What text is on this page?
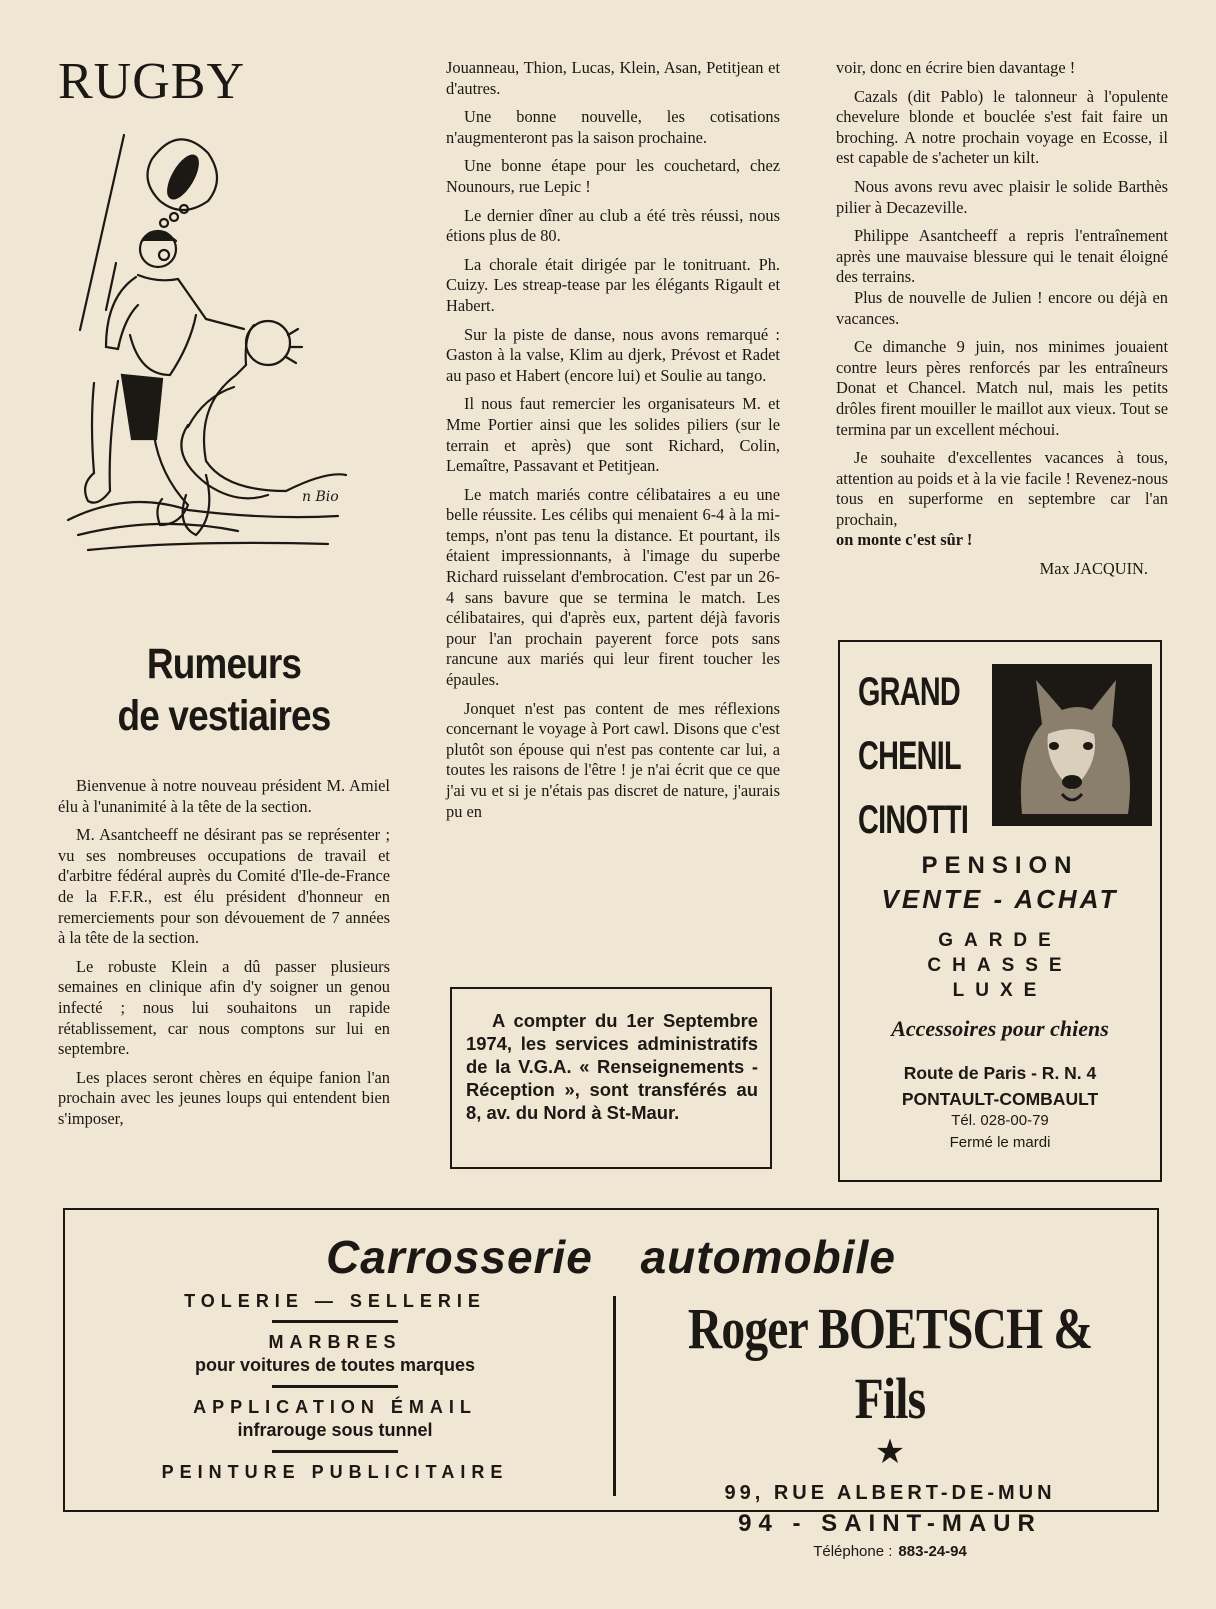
RUGBY
n Bio
Rumeurs
de vestiaires

Bienvenue à notre nouveau président M. Amiel élu à l'unanimité à la tête de la section.

M. Asantcheeff ne désirant pas se représenter ; vu ses nombreuses occupations de travail et d'arbitre fédéral auprès du Comité d'Ile-de-France de la F.F.R., est élu président d'honneur en remerciements pour son dévouement de 7 années à la tête de la section.

Le robuste Klein a dû passer plusieurs semaines en clinique afin d'y soigner un genou infecté ; nous lui souhaitons un rapide rétablissement, car nous comptons sur lui en septembre.

Les places seront chères en équipe fanion l'an prochain avec les jeunes loups qui entendent bien s'imposer,

Jouanneau, Thion, Lucas, Klein, Asan, Petitjean et d'autres.

Une bonne nouvelle, les cotisations n'augmenteront pas la saison prochaine.

Une bonne étape pour les couchetard, chez Nounours, rue Lepic !

Le dernier dîner au club a été très réussi, nous étions plus de 80.

La chorale était dirigée par le tonitruant. Ph. Cuizy. Les streap-tease par les élégants Rigault et Habert.

Sur la piste de danse, nous avons remarqué : Gaston à la valse, Klim au djerk, Prévost et Radet au paso et Habert (encore lui) et Soulie au tango.

Il nous faut remercier les organisateurs M. et Mme Portier ainsi que les solides piliers (sur le terrain et après) que sont Richard, Colin, Lemaître, Passavant et Petitjean.

Le match mariés contre célibataires a eu une belle réussite. Les célibs qui menaient 6-4 à la mi-temps, n'ont pas tenu la distance. Et pourtant, ils étaient impressionnants, à l'image du superbe Richard ruisselant d'embrocation. C'est par un 26-4 sans bavure que se termina le match. Les célibataires, qui d'après eux, partent déjà favoris pour l'an prochain payerent force pots sans rancune aux mariés qui leur firent toucher les épaules.

Jonquet n'est pas content de mes réflexions concernant le voyage à Port cawl. Disons que c'est plutôt son épouse qui n'est pas contente car lui, a toutes les raisons de l'être ! je n'ai écrit que ce que j'ai vu et si je n'étais pas discret de nature, j'aurais pu en

A compter du 1er Septembre 1974, les services administratifs de la V.G.A. « Renseignements - Réception », sont transférés au 8, av. du Nord à St-Maur.

voir, donc en écrire bien davantage !

Cazals (dit Pablo) le talonneur à l'opulente chevelure blonde et bouclée s'est fait faire un broching. A notre prochain voyage en Ecosse, il est capable de s'acheter un kilt.

Nous avons revu avec plaisir le solide Barthès pilier à Decazeville.

Philippe Asantcheeff a repris l'entraînement après une mauvaise blessure qui le tenait éloigné des terrains.

Plus de nouvelle de Julien ! encore ou déjà en vacances.

Ce dimanche 9 juin, nos minimes jouaient contre leurs pères renforcés par les entraîneurs Donat et Chancel. Match nul, mais les petits drôles firent mouiller le maillot aux vieux. Tout se termina par un excellent méchoui.

Je souhaite d'excellentes vacances à tous, attention au poids et à la vie facile ! Revenez-nous tous en superforme en septembre car l'an prochain,

on monte c'est sûr !

Max JACQUIN.
GRAND
CHENIL
CINOTTI
PENSION
VENTE - ACHAT
GARDE
CHASSE
LUXE
Accessoires pour chiens
Route de Paris - R. N. 4
PONTAULT-COMBAULT
Tél. 028-00-79
Fermé le mardi
Carrosserie automobile
TOLERIE — SELLERIE
MARBRES
pour voitures de toutes marques
APPLICATION ÉMAIL
infrarouge sous tunnel
PEINTURE PUBLICITAIRE
Roger BOETSCH & Fils
★
99, RUE ALBERT-DE-MUN
94 - SAINT-MAUR
Téléphone : 883-24-94
